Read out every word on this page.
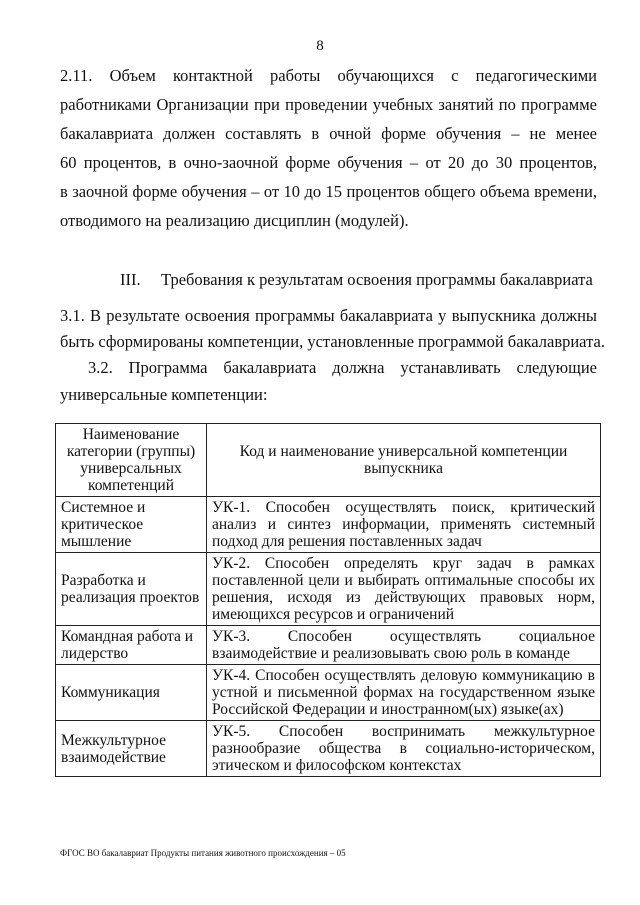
8
2.11. Объем контактной работы обучающихся с педагогическими
работниками Организации при проведении учебных занятий по программе
бакалавриата должен составлять в очной форме обучения – не менее
60 процентов, в очно-заочной форме обучения – от 20 до 30 процентов,
в заочной форме обучения – от 10 до 15 процентов общего объема времени,
отводимого на реализацию дисциплин (модулей).
III. Требования к результатам освоения программы бакалавриата
3.1. В результате освоения программы бакалавриата у выпускника должны
быть сформированы компетенции, установленные программой бакалавриата.
3.2. Программа бакалавриата должна устанавливать следующие
универсальные компетенции:
Наименование категории (группы) универсальных компетенций	Код и наименование универсальной компетенции выпускника
Системное и критическое мышление	УК-1. Способен осуществлять поиск, критический анализ и синтез информации, применять системный подход для решения поставленных задач
Разработка и реализация проектов	УК-2. Способен определять круг задач в рамках поставленной цели и выбирать оптимальные способы их решения, исходя из действующих правовых норм, имеющихся ресурсов и ограничений
Командная работа и лидерство	УК-3. Способен осуществлять социальное взаимодействие и реализовывать свою роль в команде
Коммуникация	УК-4. Способен осуществлять деловую коммуникацию в устной и письменной формах на государственном языке Российской Федерации и иностранном(ых) языке(ах)
Межкультурное взаимодействие	УК-5. Способен воспринимать межкультурное разнообразие общества в социально-историческом, этическом и философском контекстах
ФГОС ВО бакалавриат Продукты питания животного происхождения – 05
